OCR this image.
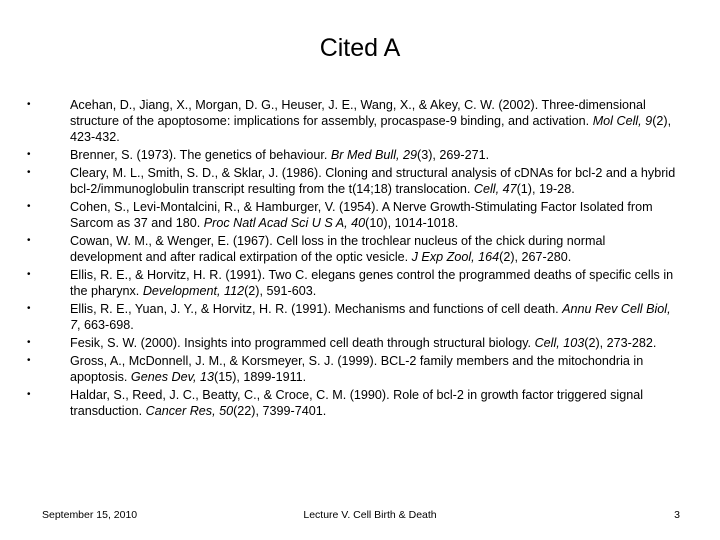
Cited A
•	Acehan, D., Jiang, X., Morgan, D. G., Heuser, J. E., Wang, X., & Akey, C. W. (2002). Three-dimensional structure of the apoptosome: implications for assembly, procaspase-9 binding, and activation. Mol Cell, 9(2), 423-432.
•	Brenner, S. (1973). The genetics of behaviour. Br Med Bull, 29(3), 269-271.
•	Cleary, M. L., Smith, S. D., & Sklar, J. (1986). Cloning and structural analysis of cDNAs for bcl-2 and a hybrid bcl-2/immunoglobulin transcript resulting from the t(14;18) translocation. Cell, 47(1), 19-28.
•	Cohen, S., Levi-Montalcini, R., & Hamburger, V. (1954). A Nerve Growth-Stimulating Factor Isolated from Sarcom as 37 and 180. Proc Natl Acad Sci U S A, 40(10), 1014-1018.
•	Cowan, W. M., & Wenger, E. (1967). Cell loss in the trochlear nucleus of the chick during normal development and after radical extirpation of the optic vesicle. J Exp Zool, 164(2), 267-280.
•	Ellis, R. E., & Horvitz, H. R. (1991). Two C. elegans genes control the programmed deaths of specific cells in the pharynx. Development, 112(2), 591-603.
•	Ellis, R. E., Yuan, J. Y., & Horvitz, H. R. (1991). Mechanisms and functions of cell death. Annu Rev Cell Biol, 7, 663-698.
•	Fesik, S. W. (2000). Insights into programmed cell death through structural biology. Cell, 103(2), 273-282.
•	Gross, A., McDonnell, J. M., & Korsmeyer, S. J. (1999). BCL-2 family members and the mitochondria in apoptosis. Genes Dev, 13(15), 1899-1911.
•	Haldar, S., Reed, J. C., Beatty, C., & Croce, C. M. (1990). Role of bcl-2 in growth factor triggered signal transduction. Cancer Res, 50(22), 7399-7401.
September 15, 2010	Lecture V. Cell Birth & Death	3
